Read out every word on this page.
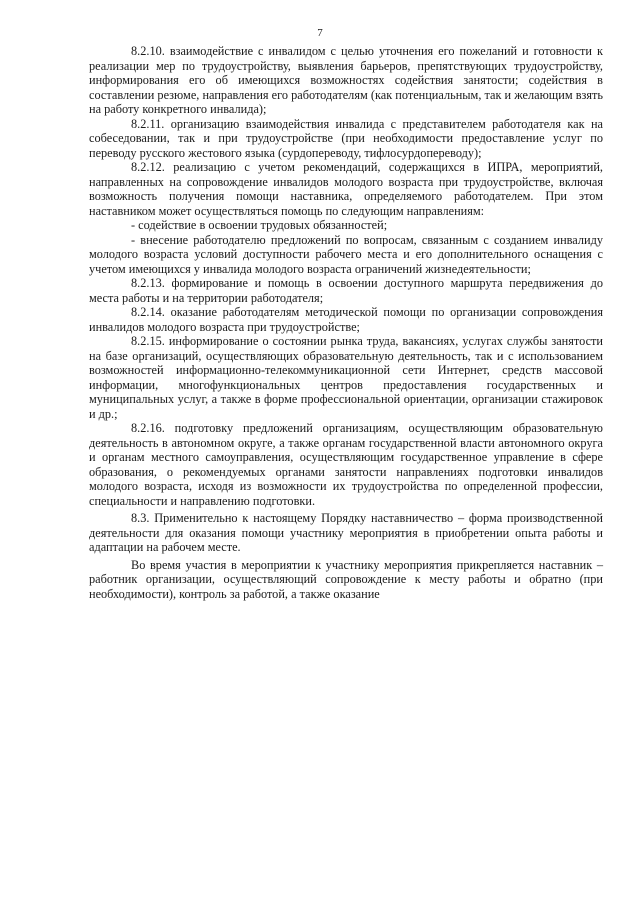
7

8.2.10. взаимодействие с инвалидом с целью уточнения его пожеланий и готовности к реализации мер по трудоустройству, выявления барьеров, препятствующих трудоустройству, информирования его об имеющихся возможностях содействия занятости; содействия в составлении резюме, направления его работодателям (как потенциальным, так и желающим взять на работу конкретного инвалида);

8.2.11. организацию взаимодействия инвалида с представителем работодателя как на собеседовании, так и при трудоустройстве (при необходимости предоставление услуг по переводу русского жестового языка (сурдопереводу, тифлосурдопереводу);

8.2.12. реализацию с учетом рекомендаций, содержащихся в ИПРА, мероприятий, направленных на сопровождение инвалидов молодого возраста при трудоустройстве, включая возможность получения помощи наставника, определяемого работодателем. При этом наставником может осуществляться помощь по следующим направлениям:

- содействие в освоении трудовых обязанностей;

- внесение работодателю предложений по вопросам, связанным с созданием инвалиду молодого возраста условий доступности рабочего места и его дополнительного оснащения с учетом имеющихся у инвалида молодого возраста ограничений жизнедеятельности;

8.2.13. формирование и помощь в освоении доступного маршрута передвижения до места работы и на территории работодателя;

8.2.14. оказание работодателям методической помощи по организации сопровождения инвалидов молодого возраста при трудоустройстве;

8.2.15. информирование о состоянии рынка труда, вакансиях, услугах службы занятости на базе организаций, осуществляющих образовательную деятельность, так и с использованием возможностей информационно-телекоммуникационной сети Интернет, средств массовой информации, многофункциональных центров предоставления государственных и муниципальных услуг, а также в форме профессиональной ориентации, организации стажировок и др.;

8.2.16. подготовку предложений организациям, осуществляющим образовательную деятельность в автономном округе, а также органам государственной власти автономного округа и органам местного самоуправления, осуществляющим государственное управление в сфере образования, о рекомендуемых органами занятости направлениях подготовки инвалидов молодого возраста, исходя из возможности их трудоустройства по определенной профессии, специальности и направлению подготовки.

8.3. Применительно к настоящему Порядку наставничество – форма производственной деятельности для оказания помощи участнику мероприятия в приобретении опыта работы и адаптации на рабочем месте.

Во время участия в мероприятии к участнику мероприятия прикрепляется наставник – работник организации, осуществляющий сопровождение к месту работы и обратно (при необходимости), контроль за работой, а также оказание
